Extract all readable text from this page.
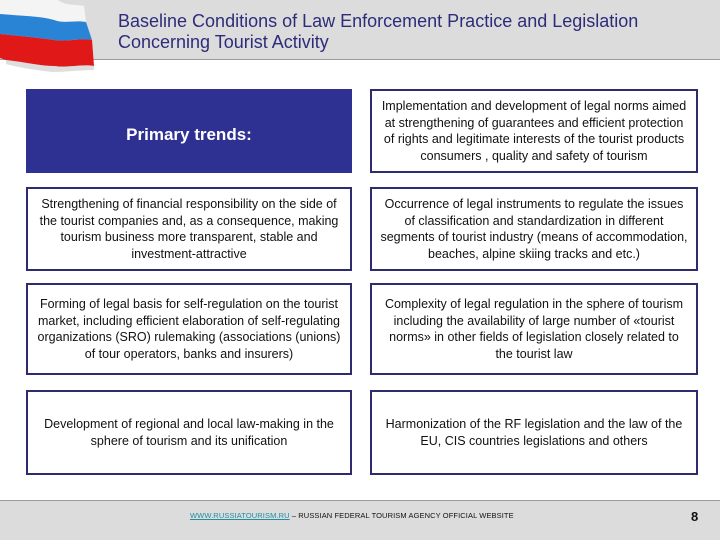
Baseline Conditions of Law Enforcement Practice and Legislation
Concerning Tourist Activity
Primary trends:
Implementation and development of legal norms aimed at strengthening of guarantees and efficient protection of rights and legitimate interests of the tourist products consumers , quality and safety of tourism
Strengthening of financial responsibility on the side of the tourist companies and, as a consequence, making tourism business more transparent, stable and investment-attractive
Occurrence of legal instruments to regulate the issues of classification and standardization in different segments of tourist industry (means of accommodation, beaches, alpine skiing tracks and etc.)
Forming of legal basis for self-regulation on the tourist market, including efficient elaboration of self-regulating organizations (SRO) rulemaking (associations (unions) of tour operators, banks and insurers)
Complexity of legal regulation in the sphere of tourism including the availability of large number of «tourist norms» in other fields of legislation closely related to the tourist law
Development of regional and local law-making in the sphere of tourism and its unification
Harmonization of the RF legislation and the law of the EU, CIS countries legislations and others
WWW.RUSSIATOURISM.RU – RUSSIAN FEDERAL TOURISM AGENCY OFFICIAL WEBSITE	8
